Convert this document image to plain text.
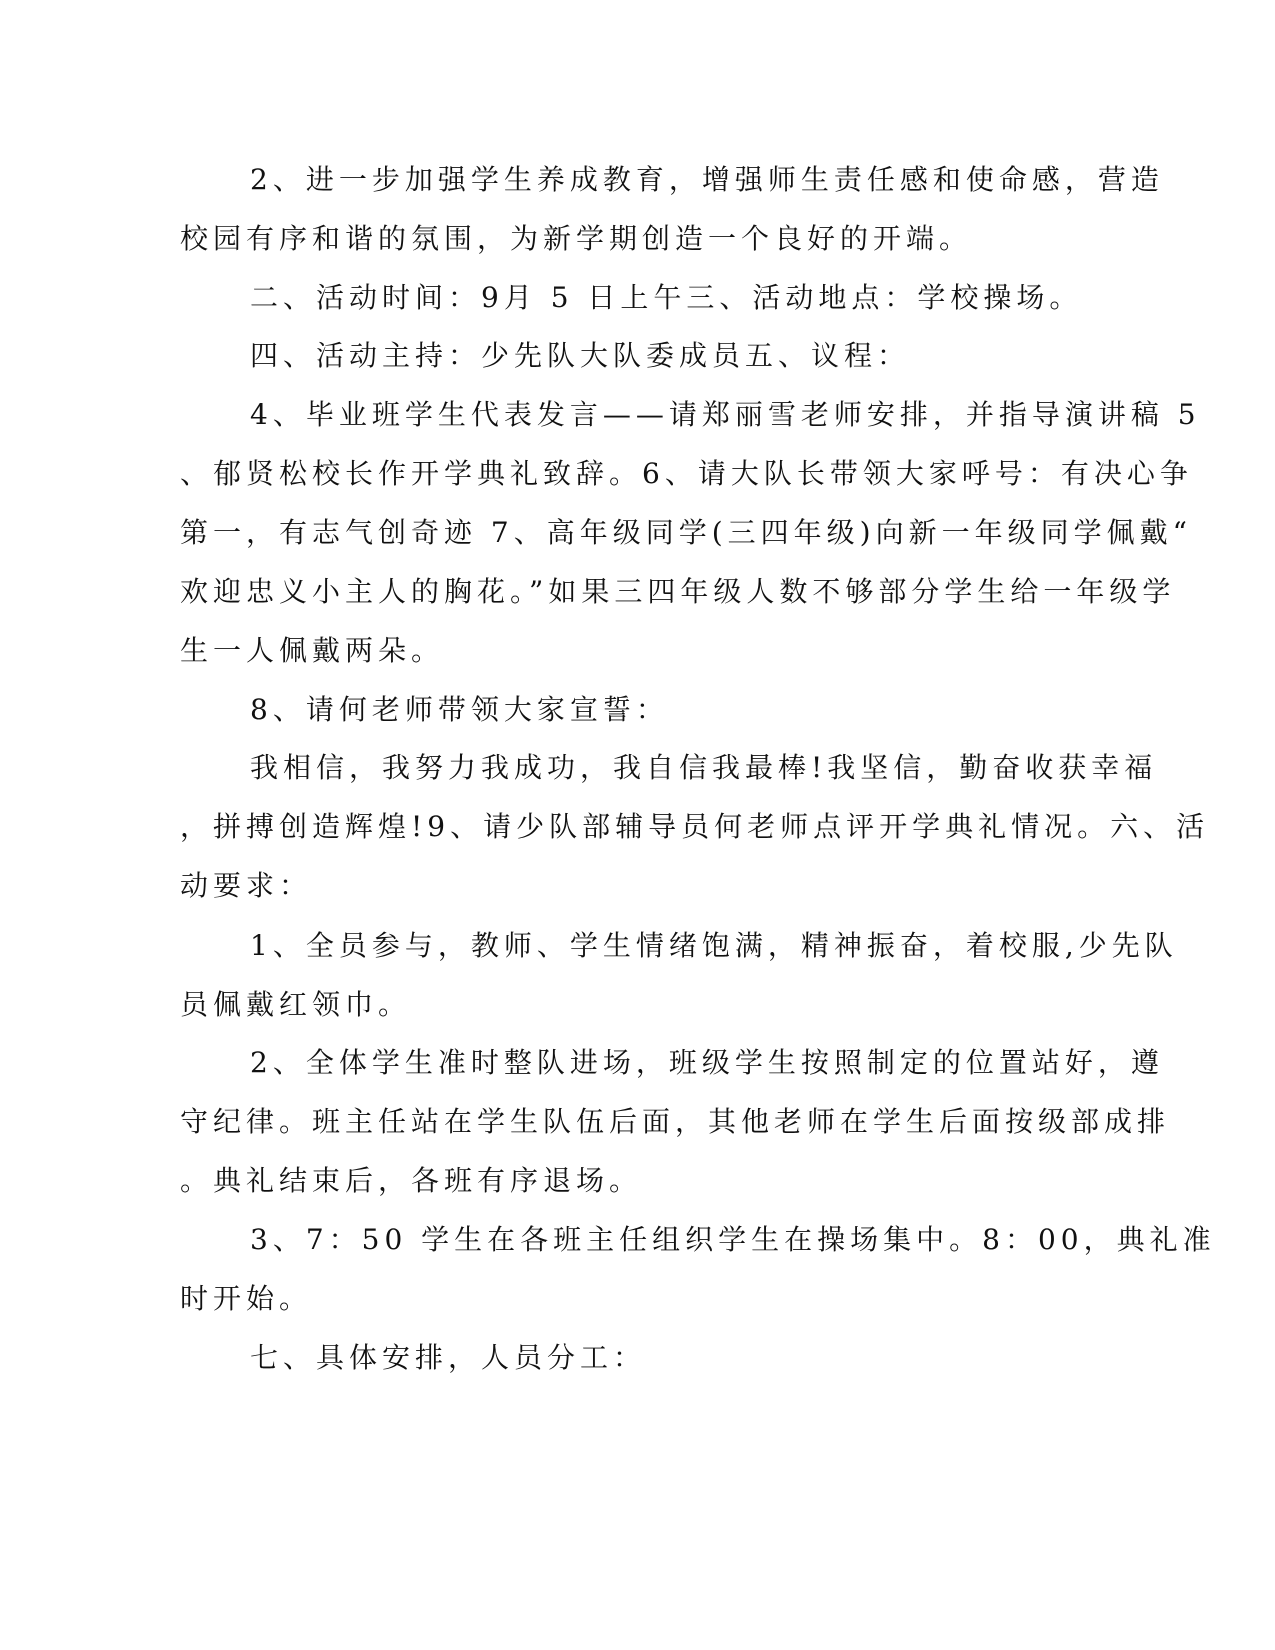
2、进一步加强学生养成教育，增强师生责任感和使命感，营造
校园有序和谐的氛围，为新学期创造一个良好的开端。
二、活动时间：9月 5 日上午三、活动地点：学校操场。
四、活动主持：少先队大队委成员五、议程：
4、毕业班学生代表发言——请郑丽雪老师安排，并指导演讲稿 5
、郁贤松校长作开学典礼致辞。6、请大队长带领大家呼号：有决心争
第一，有志气创奇迹 7、高年级同学(三四年级)向新一年级同学佩戴“
欢迎忠义小主人的胸花。”如果三四年级人数不够部分学生给一年级学
生一人佩戴两朵。
8、请何老师带领大家宣誓：
我相信，我努力我成功，我自信我最棒!我坚信，勤奋收获幸福
，拼搏创造辉煌!9、请少队部辅导员何老师点评开学典礼情况。六、活
动要求：
1、全员参与，教师、学生情绪饱满，精神振奋，着校服,少先队
员佩戴红领巾。
2、全体学生准时整队进场，班级学生按照制定的位置站好，遵
守纪律。班主任站在学生队伍后面，其他老师在学生后面按级部成排
。典礼结束后，各班有序退场。
3、7：50 学生在各班主任组织学生在操场集中。8：00，典礼准
时开始。
七、具体安排，人员分工：
